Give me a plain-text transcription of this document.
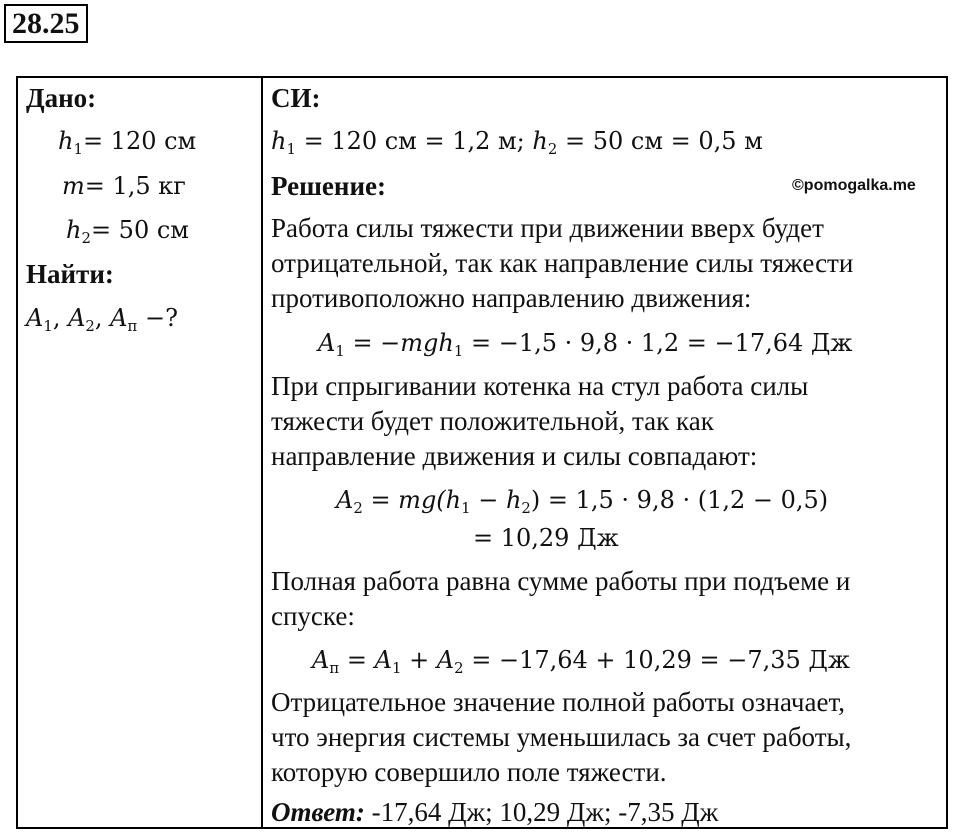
28.25
Дано:
$h_1= 120$ см
m= 1,5 кг
$h_2= 50$ см
Найти:
$A_1$, $A_2$, $A_п$ −?
СИ:
$h_1 = 120$ см = 1,2 м; $h_2 = 50$ см = 0,5 м
Решение:
Работа силы тяжести при движении вверх будет
отрицательной, так как направление силы тяжести
противоположно направлению движения:
$A_1 = -mgh_1 = -1,5 \cdot 9,8 \cdot 1,2 = -17,64$ Дж
При спрыгивании котенка на стул работа силы
тяжести будет положительной, так как
направление движения и силы совпадают:
$A_2 = mg(h_1 - h_2) = 1,5 \cdot 9,8 \cdot (1,2 - 0,5)$
= 10,29 Дж
Полная работа равна сумме работы при подъеме и
спуске:
$A_п = A_1 + A_2 = -17,64 + 10,29 = -7,35$ Дж
Отрицательное значение полной работы означает,
что энергия системы уменьшилась за счет работы,
которую совершило поле тяжести.
Ответ: -17,64 Дж; 10,29 Дж; -7,35 Дж
©pomogalka.me
